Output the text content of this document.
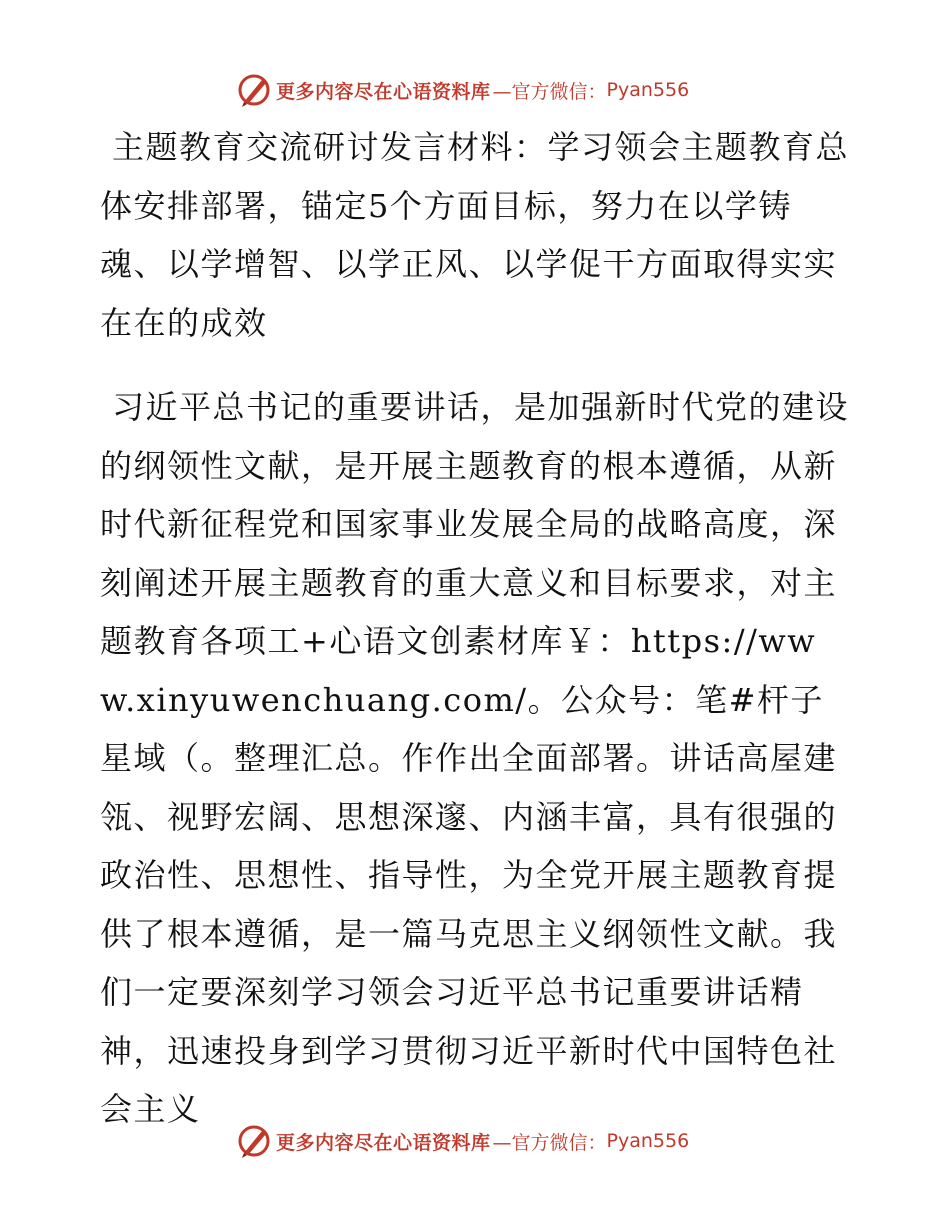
更多内容尽在心语资料库 —官方微信： Pyan556

主题教育交流研讨发言材料：学习领会主题教育总体安排部署，锚定5个方面目标，努力在以学铸魂、以学增智、以学正风、以学促干方面取得实实在在的成效

习近平总书记的重要讲话，是加强新时代党的建设的纲领性文献，是开展主题教育的根本遵循，从新时代新征程党和国家事业发展全局的战略高度，深刻阐述开展主题教育的重大意义和目标要求，对主题教育各项工+心语文创素材库￥：https://www.xinyuwenchuang.com/。公众号：笔#杆子星域（。整理汇总。作作出全面部署。讲话高屋建瓴、视野宏阔、思想深邃、内涵丰富，具有很强的政治性、思想性、指导性，为全党开展主题教育提供了根本遵循，是一篇马克思主义纲领性文献。我们一定要深刻学习领会习近平总书记重要讲话精神，迅速投身到学习贯彻习近平新时代中国特色社会主义

更多内容尽在心语资料库 —官方微信： Pyan556
